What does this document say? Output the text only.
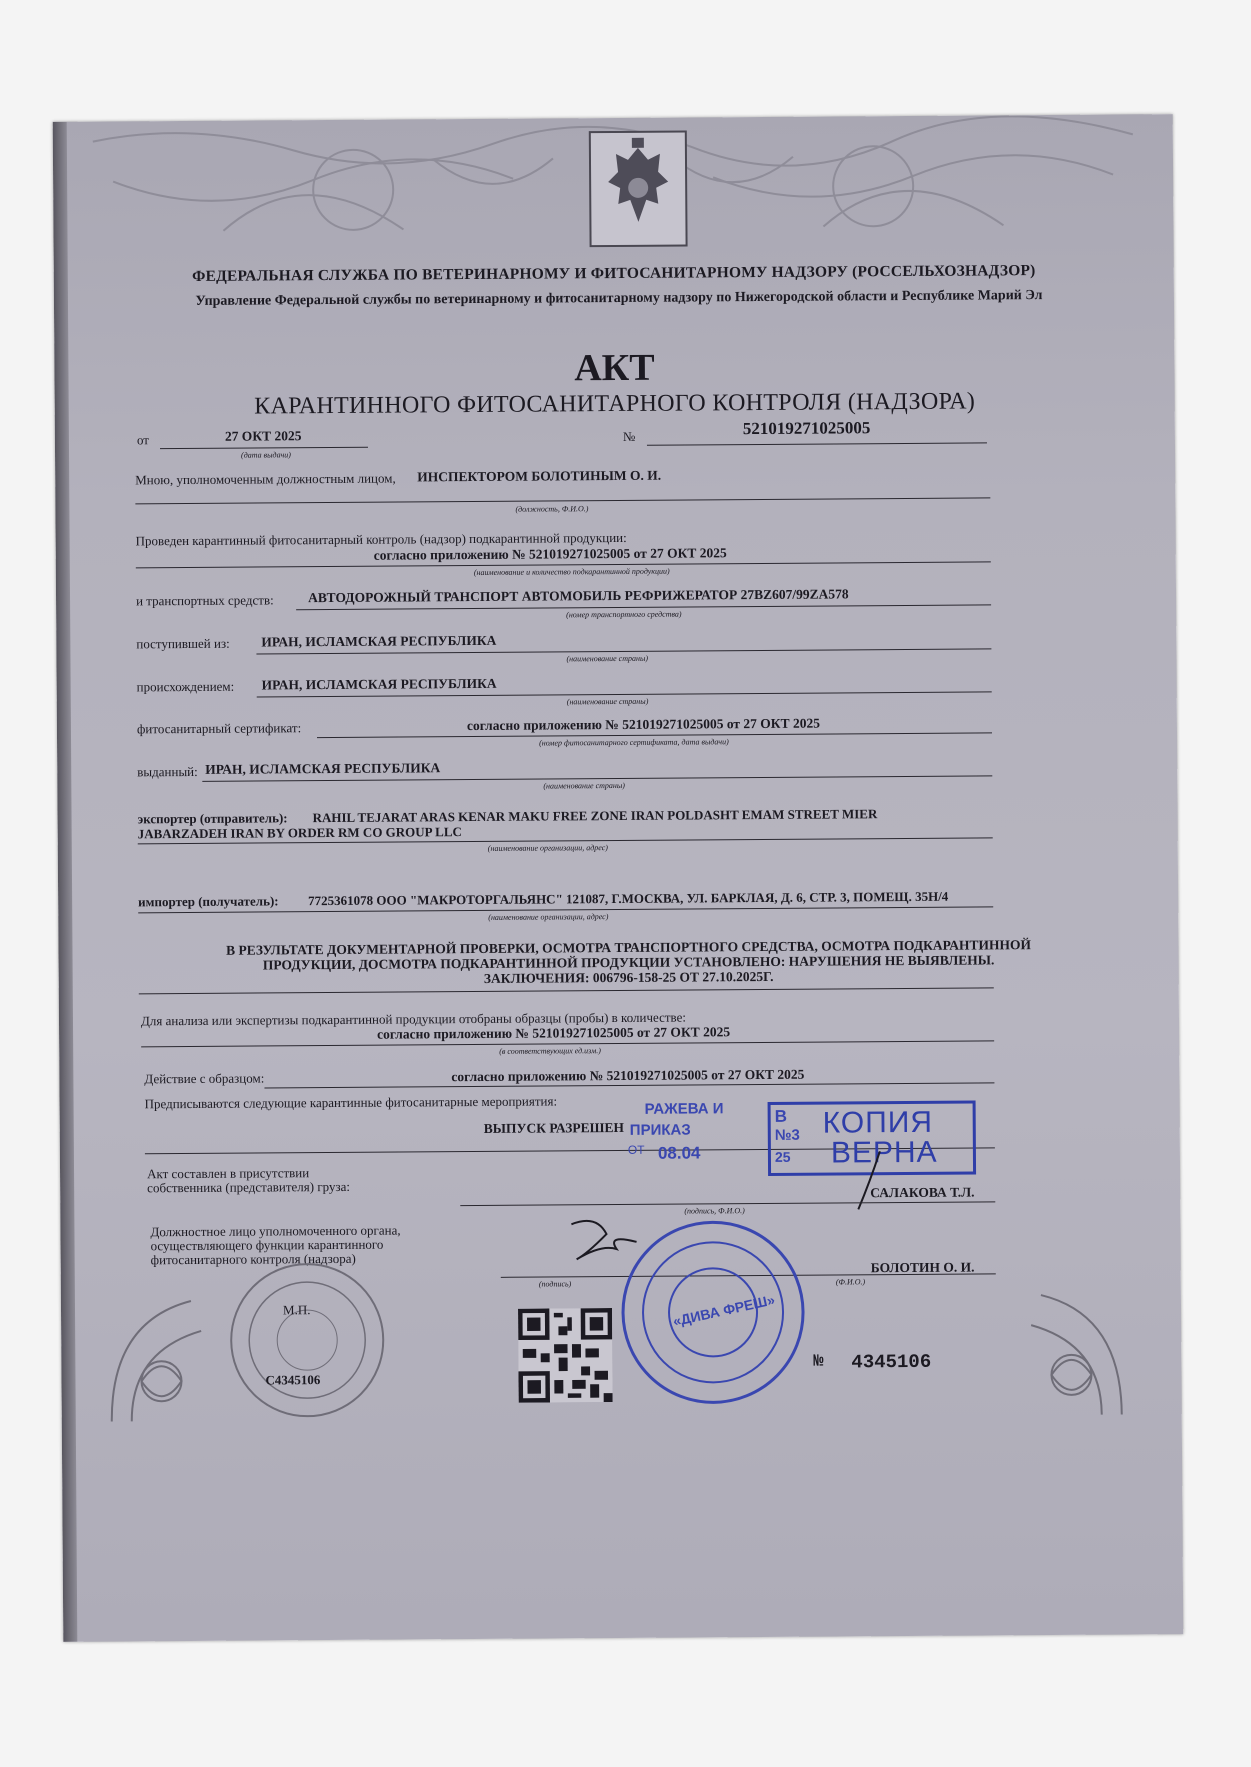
ФЕДЕРАЛЬНАЯ СЛУЖБА ПО ВЕТЕРИНАРНОМУ И ФИТОСАНИТАРНОМУ НАДЗОРУ (РОССЕЛЬХОЗНАДЗОР)
Управление Федеральной службы по ветеринарному и фитосанитарному надзору по Нижегородской области и Республике Марий Эл
АКТ
КАРАНТИННОГО ФИТОСАНИТАРНОГО КОНТРОЛЯ (НАДЗОРА)
от	27 ОКТ 2025
(дата выдачи)
№	521019271025005
Мною, уполномоченным должностным лицом, ИНСПЕКТОРОМ БОЛОТИНЫМ О. И.
(должность, Ф.И.О.)
Проведен карантинный фитосанитарный контроль (надзор) подкарантинной продукции:
согласно приложению № 521019271025005 от 27 ОКТ 2025
(наименование и количество подкарантинной продукции)
и транспортных средств:	АВТОДОРОЖНЫЙ ТРАНСПОРТ АВТОМОБИЛЬ РЕФРИЖЕРАТОР 27BZ607/99ZA578
(номер транспортного средства)
поступившей из: ИРАН, ИСЛАМСКАЯ РЕСПУБЛИКА
(наименование страны)
происхождением: ИРАН, ИСЛАМСКАЯ РЕСПУБЛИКА
(наименование страны)
фитосанитарный сертификат:	согласно приложению № 521019271025005 от 27 ОКТ 2025
(номер фитосанитарного сертификата, дата выдачи)
выданный: ИРАН, ИСЛАМСКАЯ РЕСПУБЛИКА
(наименование страны)
экспортер (отправитель): RAHIL TEJARAT ARAS KENAR MAKU FREE ZONE IRAN POLDASHT EMAM STREET MIER
JABARZADEH IRAN BY ORDER RM CO GROUP LLC
(наименование организации, адрес)
импортер (получатель): 7725361078 ООО "МАКРОТОРГАЛЬЯНС" 121087, Г.МОСКВА, УЛ. БАРКЛАЯ, Д. 6, СТР. 3, ПОМЕЩ. 35Н/4
(наименование организации, адрес)
В РЕЗУЛЬТАТЕ ДОКУМЕНТАРНОЙ ПРОВЕРКИ, ОСМОТРА ТРАНСПОРТНОГО СРЕДСТВА, ОСМОТРА ПОДКАРАНТИННОЙ
ПРОДУКЦИИ, ДОСМОТРА ПОДКАРАНТИННОЙ ПРОДУКЦИИ УСТАНОВЛЕНО: НАРУШЕНИЯ НЕ ВЫЯВЛЕНЫ.
ЗАКЛЮЧЕНИЯ: 006796-158-25 ОТ 27.10.2025Г.
Для анализа или экспертизы подкарантинной продукции отобраны образцы (пробы) в количестве:
согласно приложению № 521019271025005 от 27 ОКТ 2025
(в соответствующих ед.изм.)
Действие с образцом:	согласно приложению № 521019271025005 от 27 ОКТ 2025
Предписываются следующие карантинные фитосанитарные мероприятия:
ВЫПУСК РАЗРЕШЕН
РАЖЕВА И
ПРИКАЗ
ОТ 08.04
В
№3
25
КОПИЯ
ВЕРНА
Акт составлен в присутствии
собственника (представителя) груза:	САЛАКОВА Т.Л.
(подпись, Ф.И.О.)
Должностное лицо уполномоченного органа,
осуществляющего функции карантинного
фитосанитарного контроля (надзора)
БОЛОТИН О. И.
(подпись)	(Ф.И.О.)
М.П.
С4345106
«ДИВА ФРЕШ»
№ 4345106
